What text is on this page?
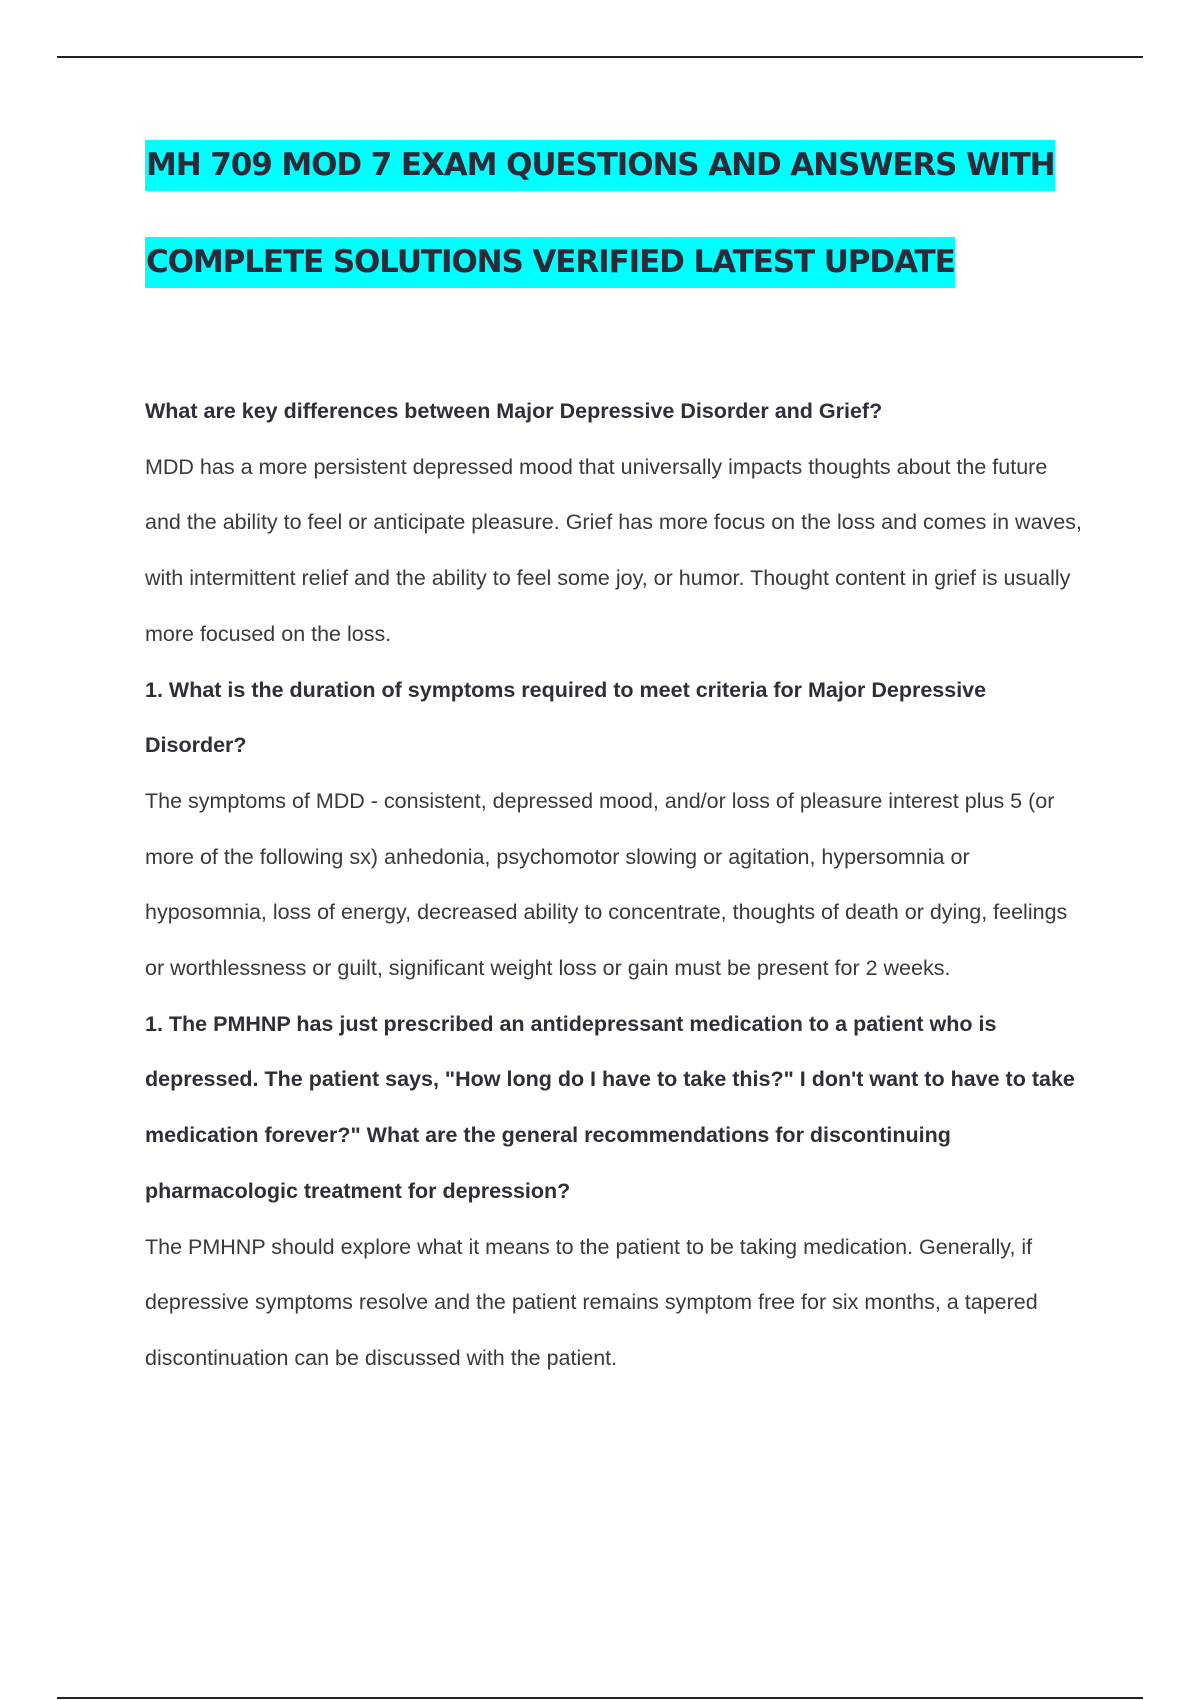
MH 709 MOD 7 EXAM QUESTIONS AND ANSWERS WITH
COMPLETE SOLUTIONS VERIFIED LATEST UPDATE

What are key differences between Major Depressive Disorder and Grief?

MDD has a more persistent depressed mood that universally impacts thoughts about the future and the ability to feel or anticipate pleasure. Grief has more focus on the loss and comes in waves, with intermittent relief and the ability to feel some joy, or humor. Thought content in grief is usually more focused on the loss.

1. What is the duration of symptoms required to meet criteria for Major Depressive Disorder?

The symptoms of MDD - consistent, depressed mood, and/or loss of pleasure interest plus 5 (or more of the following sx) anhedonia, psychomotor slowing or agitation, hypersomnia or hyposomnia, loss of energy, decreased ability to concentrate, thoughts of death or dying, feelings or worthlessness or guilt, significant weight loss or gain must be present for 2 weeks.

1. The PMHNP has just prescribed an antidepressant medication to a patient who is depressed. The patient says, "How long do I have to take this?" I don't want to have to take medication forever?" What are the general recommendations for discontinuing pharmacologic treatment for depression?

The PMHNP should explore what it means to the patient to be taking medication. Generally, if depressive symptoms resolve and the patient remains symptom free for six months, a tapered discontinuation can be discussed with the patient.
